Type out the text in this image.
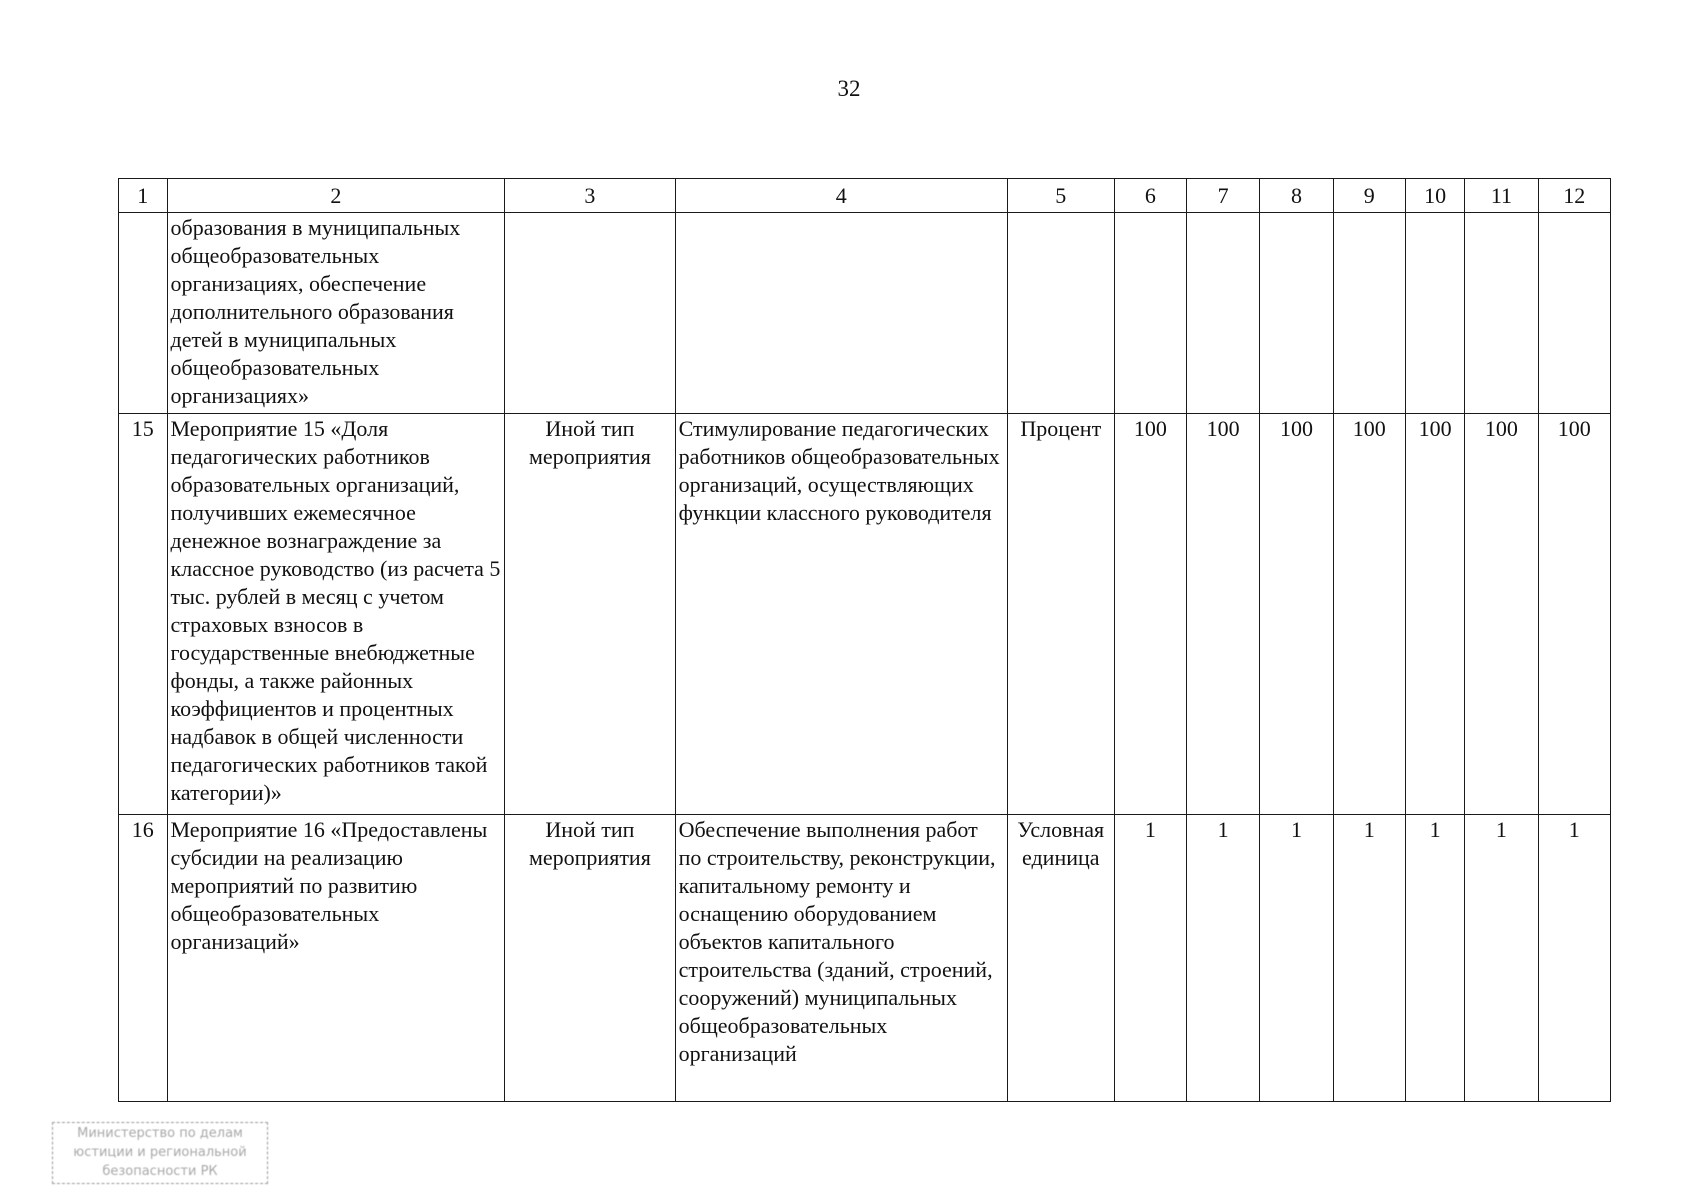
32
1	2	3	4	5	6	7	8	9	10	11	12
	образования в муниципальных общеобразовательных организациях, обеспечение дополнительного образования детей в муниципальных общеобразовательных организациях»										
15	Мероприятие 15 «Доля педагогических работников образовательных организаций, получивших ежемесячное денежное вознаграждение за классное руководство (из расчета 5 тыс. рублей в месяц с учетом страховых взносов в государственные внебюджетные фонды, а также районных коэффициентов и процентных надбавок в общей численности педагогических работников такой категории)»	Иной тип мероприятия	Стимулирование педагогических работников общеобразовательных организаций, осуществляющих функции классного руководителя	Процент	100	100	100	100	100	100	100
16	Мероприятие 16 «Предоставлены субсидии на реализацию мероприятий по развитию общеобразовательных организаций»	Иной тип мероприятия	Обеспечение выполнения работ по строительству, реконструкции, капитальному ремонту и оснащению оборудованием объектов капитального строительства (зданий, строений, сооружений) муниципальных общеобразовательных организаций	Условная единица	1	1	1	1	1	1	1
Министерство по делам
юстиции и региональной
безопасности РК
